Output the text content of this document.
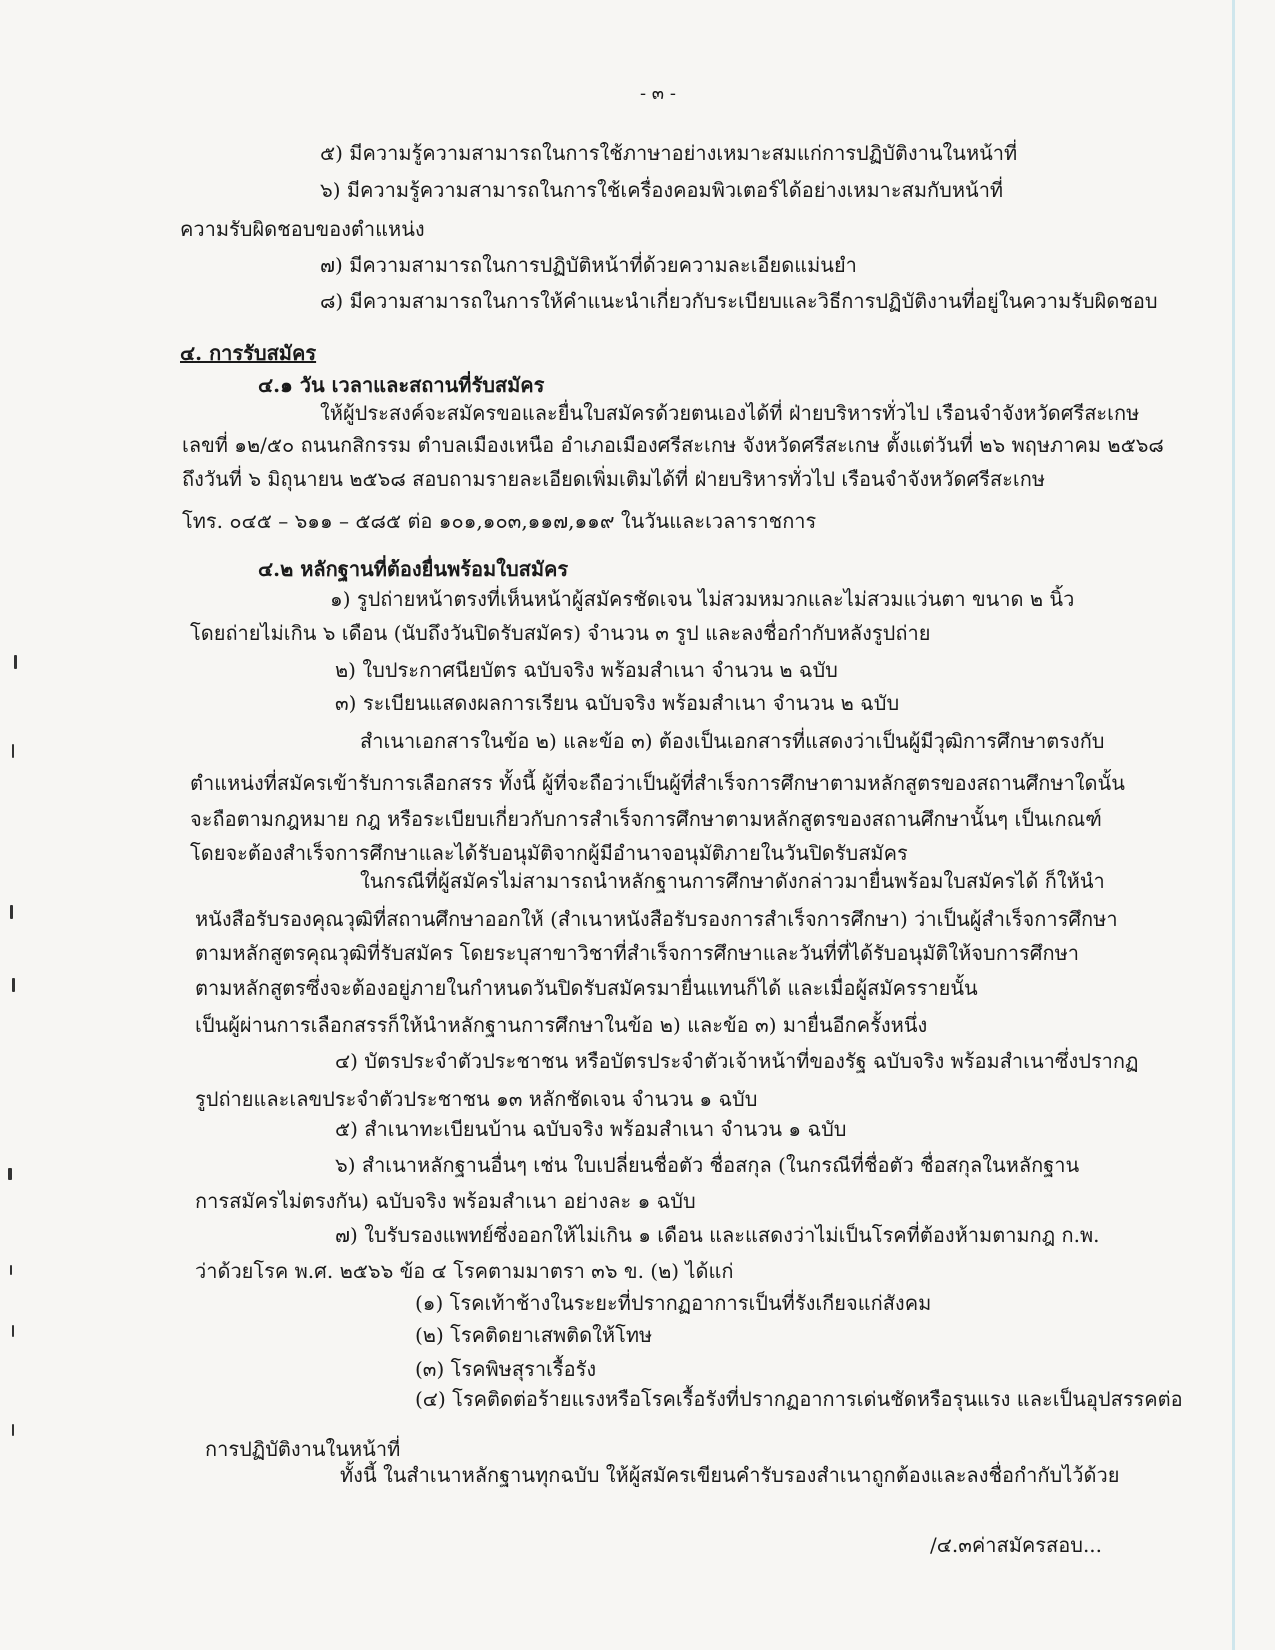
- ๓ -
๕) มีความรู้ความสามารถในการใช้ภาษาอย่างเหมาะสมแก่การปฏิบัติงานในหน้าที่
๖) มีความรู้ความสามารถในการใช้เครื่องคอมพิวเตอร์ได้อย่างเหมาะสมกับหน้าที่
ความรับผิดชอบของตำแหน่ง
๗) มีความสามารถในการปฏิบัติหน้าที่ด้วยความละเอียดแม่นยำ
๘) มีความสามารถในการให้คำแนะนำเกี่ยวกับระเบียบและวิธีการปฏิบัติงานที่อยู่ในความรับผิดชอบ
๔. การรับสมัคร
๔.๑ วัน เวลาและสถานที่รับสมัคร
ให้ผู้ประสงค์จะสมัครขอและยื่นใบสมัครด้วยตนเองได้ที่ ฝ่ายบริหารทั่วไป เรือนจำจังหวัดศรีสะเกษ
เลขที่ ๑๒/๕๐ ถนนกสิกรรม ตำบลเมืองเหนือ อำเภอเมืองศรีสะเกษ จังหวัดศรีสะเกษ ตั้งแต่วันที่ ๒๖ พฤษภาคม ๒๕๖๘
ถึงวันที่ ๖ มิถุนายน ๒๕๖๘ สอบถามรายละเอียดเพิ่มเติมได้ที่ ฝ่ายบริหารทั่วไป เรือนจำจังหวัดศรีสะเกษ
โทร. ๐๔๕ – ๖๑๑ – ๕๘๕ ต่อ ๑๐๑,๑๐๓,๑๑๗,๑๑๙ ในวันและเวลาราชการ
๔.๒ หลักฐานที่ต้องยื่นพร้อมใบสมัคร
๑) รูปถ่ายหน้าตรงที่เห็นหน้าผู้สมัครชัดเจน ไม่สวมหมวกและไม่สวมแว่นตา ขนาด ๒ นิ้ว
โดยถ่ายไม่เกิน ๖ เดือน (นับถึงวันปิดรับสมัคร) จำนวน ๓ รูป และลงชื่อกำกับหลังรูปถ่าย
๒) ใบประกาศนียบัตร ฉบับจริง พร้อมสำเนา จำนวน ๒ ฉบับ
๓) ระเบียนแสดงผลการเรียน ฉบับจริง พร้อมสำเนา จำนวน ๒ ฉบับ
สำเนาเอกสารในข้อ ๒) และข้อ ๓) ต้องเป็นเอกสารที่แสดงว่าเป็นผู้มีวุฒิการศึกษาตรงกับ
ตำแหน่งที่สมัครเข้ารับการเลือกสรร ทั้งนี้ ผู้ที่จะถือว่าเป็นผู้ที่สำเร็จการศึกษาตามหลักสูตรของสถานศึกษาใดนั้น
จะถือตามกฎหมาย กฎ หรือระเบียบเกี่ยวกับการสำเร็จการศึกษาตามหลักสูตรของสถานศึกษานั้นๆ เป็นเกณฑ์
โดยจะต้องสำเร็จการศึกษาและได้รับอนุมัติจากผู้มีอำนาจอนุมัติภายในวันปิดรับสมัคร
ในกรณีที่ผู้สมัครไม่สามารถนำหลักฐานการศึกษาดังกล่าวมายื่นพร้อมใบสมัครได้ ก็ให้นำ
หนังสือรับรองคุณวุฒิที่สถานศึกษาออกให้ (สำเนาหนังสือรับรองการสำเร็จการศึกษา) ว่าเป็นผู้สำเร็จการศึกษา
ตามหลักสูตรคุณวุฒิที่รับสมัคร โดยระบุสาขาวิชาที่สำเร็จการศึกษาและวันที่ที่ได้รับอนุมัติให้จบการศึกษา
ตามหลักสูตรซึ่งจะต้องอยู่ภายในกำหนดวันปิดรับสมัครมายื่นแทนก็ได้ และเมื่อผู้สมัครรายนั้น
เป็นผู้ผ่านการเลือกสรรก็ให้นำหลักฐานการศึกษาในข้อ ๒) และข้อ ๓) มายื่นอีกครั้งหนึ่ง
๔) บัตรประจำตัวประชาชน หรือบัตรประจำตัวเจ้าหน้าที่ของรัฐ ฉบับจริง พร้อมสำเนาซึ่งปรากฏ
รูปถ่ายและเลขประจำตัวประชาชน ๑๓ หลักชัดเจน จำนวน ๑ ฉบับ
๕) สำเนาทะเบียนบ้าน ฉบับจริง พร้อมสำเนา จำนวน ๑ ฉบับ
๖) สำเนาหลักฐานอื่นๆ เช่น ใบเปลี่ยนชื่อตัว ชื่อสกุล (ในกรณีที่ชื่อตัว ชื่อสกุลในหลักฐาน
การสมัครไม่ตรงกัน) ฉบับจริง พร้อมสำเนา อย่างละ ๑ ฉบับ
๗) ใบรับรองแพทย์ซึ่งออกให้ไม่เกิน ๑ เดือน และแสดงว่าไม่เป็นโรคที่ต้องห้ามตามกฎ ก.พ.
ว่าด้วยโรค พ.ศ. ๒๕๖๖ ข้อ ๔ โรคตามมาตรา ๓๖ ข. (๒) ได้แก่
(๑) โรคเท้าช้างในระยะที่ปรากฏอาการเป็นที่รังเกียจแก่สังคม
(๒) โรคติดยาเสพติดให้โทษ
(๓) โรคพิษสุราเรื้อรัง
(๔) โรคติดต่อร้ายแรงหรือโรคเรื้อรังที่ปรากฏอาการเด่นชัดหรือรุนแรง และเป็นอุปสรรคต่อ
การปฏิบัติงานในหน้าที่
ทั้งนี้ ในสำเนาหลักฐานทุกฉบับ ให้ผู้สมัครเขียนคำรับรองสำเนาถูกต้องและลงชื่อกำกับไว้ด้วย
/๔.๓ค่าสมัครสอบ...
